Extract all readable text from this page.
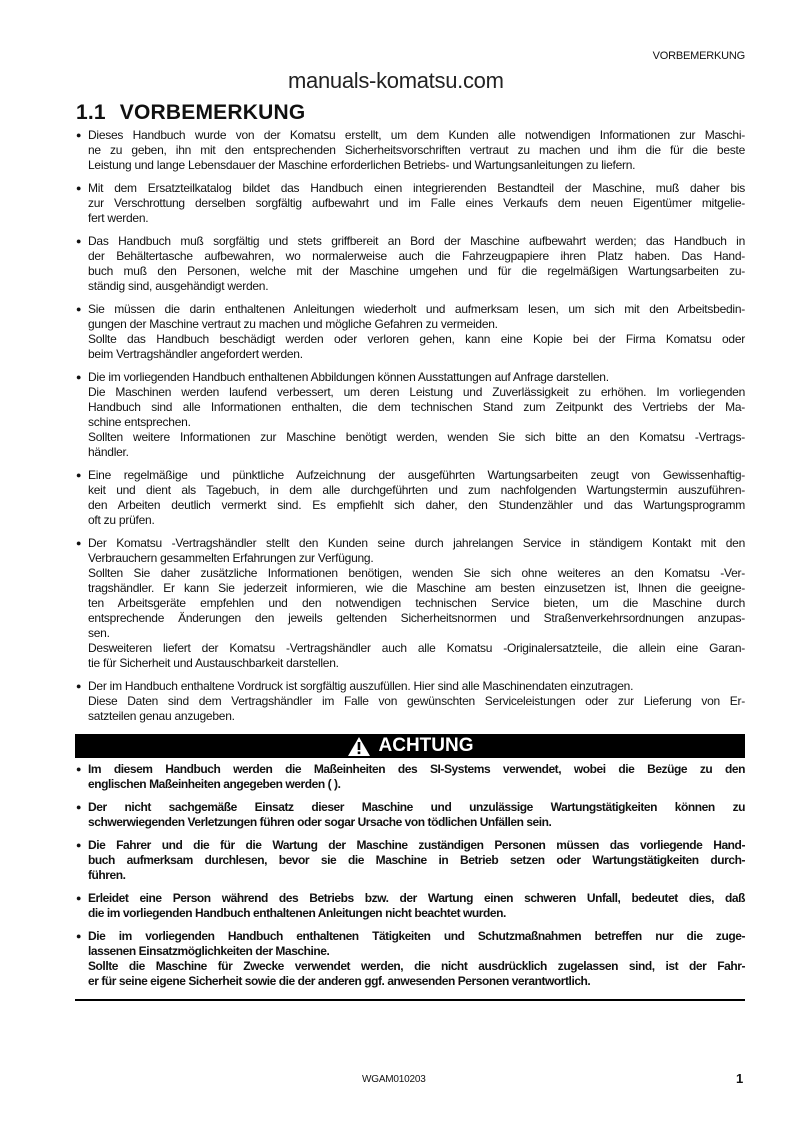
VORBEMERKUNG
manuals-komatsu.com
1.1 VORBEMERKUNG
● Dieses Handbuch wurde von der Komatsu erstellt, um dem Kunden alle notwendigen Informationen zur Maschi-
ne zu geben, ihn mit den entsprechenden Sicherheitsvorschriften vertraut zu machen und ihm die für die beste
Leistung und lange Lebensdauer der Maschine erforderlichen Betriebs- und Wartungsanleitungen zu liefern.
● Mit dem Ersatzteilkatalog bildet das Handbuch einen integrierenden Bestandteil der Maschine, muß daher bis
zur Verschrottung derselben sorgfältig aufbewahrt und im Falle eines Verkaufs dem neuen Eigentümer mitgelie-
fert werden.
● Das Handbuch muß sorgfältig und stets griffbereit an Bord der Maschine aufbewahrt werden; das Handbuch in
der Behältertasche aufbewahren, wo normalerweise auch die Fahrzeugpapiere ihren Platz haben. Das Hand-
buch muß den Personen, welche mit der Maschine umgehen und für die regelmäßigen Wartungsarbeiten zu-
ständig sind, ausgehändigt werden.
● Sie müssen die darin enthaltenen Anleitungen wiederholt und aufmerksam lesen, um sich mit den Arbeitsbedin-
gungen der Maschine vertraut zu machen und mögliche Gefahren zu vermeiden.
Sollte das Handbuch beschädigt werden oder verloren gehen, kann eine Kopie bei der Firma Komatsu oder
beim Vertragshändler angefordert werden.
● Die im vorliegenden Handbuch enthaltenen Abbildungen können Ausstattungen auf Anfrage darstellen.
Die Maschinen werden laufend verbessert, um deren Leistung und Zuverlässigkeit zu erhöhen. Im vorliegenden
Handbuch sind alle Informationen enthalten, die dem technischen Stand zum Zeitpunkt des Vertriebs der Ma-
schine entsprechen.
Sollten weitere Informationen zur Maschine benötigt werden, wenden Sie sich bitte an den Komatsu -Vertrags-
händler.
● Eine regelmäßige und pünktliche Aufzeichnung der ausgeführten Wartungsarbeiten zeugt von Gewissenhaftig-
keit und dient als Tagebuch, in dem alle durchgeführten und zum nachfolgenden Wartungstermin auszuführen-
den Arbeiten deutlich vermerkt sind. Es empfiehlt sich daher, den Stundenzähler und das Wartungsprogramm
oft zu prüfen.
● Der Komatsu -Vertragshändler stellt den Kunden seine durch jahrelangen Service in ständigem Kontakt mit den
Verbrauchern gesammelten Erfahrungen zur Verfügung.
Sollten Sie daher zusätzliche Informationen benötigen, wenden Sie sich ohne weiteres an den Komatsu -Ver-
tragshändler. Er kann Sie jederzeit informieren, wie die Maschine am besten einzusetzen ist, Ihnen die geeigne-
ten Arbeitsgeräte empfehlen und den notwendigen technischen Service bieten, um die Maschine durch
entsprechende Änderungen den jeweils geltenden Sicherheitsnormen und Straßenverkehrsordnungen anzupas-
sen.
Desweiteren liefert der Komatsu -Vertragshändler auch alle Komatsu -Originalersatzteile, die allein eine Garan-
tie für Sicherheit und Austauschbarkeit darstellen.
● Der im Handbuch enthaltene Vordruck ist sorgfältig auszufüllen. Hier sind alle Maschinendaten einzutragen.
Diese Daten sind dem Vertragshändler im Falle von gewünschten Serviceleistungen oder zur Lieferung von Er-
satzteilen genau anzugeben.
ACHTUNG
● Im diesem Handbuch werden die Maßeinheiten des SI-Systems verwendet, wobei die Bezüge zu den
englischen Maßeinheiten angegeben werden ( ).
● Der nicht sachgemäße Einsatz dieser Maschine und unzulässige Wartungstätigkeiten können zu
schwerwiegenden Verletzungen führen oder sogar Ursache von tödlichen Unfällen sein.
● Die Fahrer und die für die Wartung der Maschine zuständigen Personen müssen das vorliegende Hand-
buch aufmerksam durchlesen, bevor sie die Maschine in Betrieb setzen oder Wartungstätigkeiten durch-
führen.
● Erleidet eine Person während des Betriebs bzw. der Wartung einen schweren Unfall, bedeutet dies, daß
die im vorliegenden Handbuch enthaltenen Anleitungen nicht beachtet wurden.
● Die im vorliegenden Handbuch enthaltenen Tätigkeiten und Schutzmaßnahmen betreffen nur die zuge-
lassenen Einsatzmöglichkeiten der Maschine.
Sollte die Maschine für Zwecke verwendet werden, die nicht ausdrücklich zugelassen sind, ist der Fahr-
er für seine eigene Sicherheit sowie die der anderen ggf. anwesenden Personen verantwortlich.
WGAM010203	1
